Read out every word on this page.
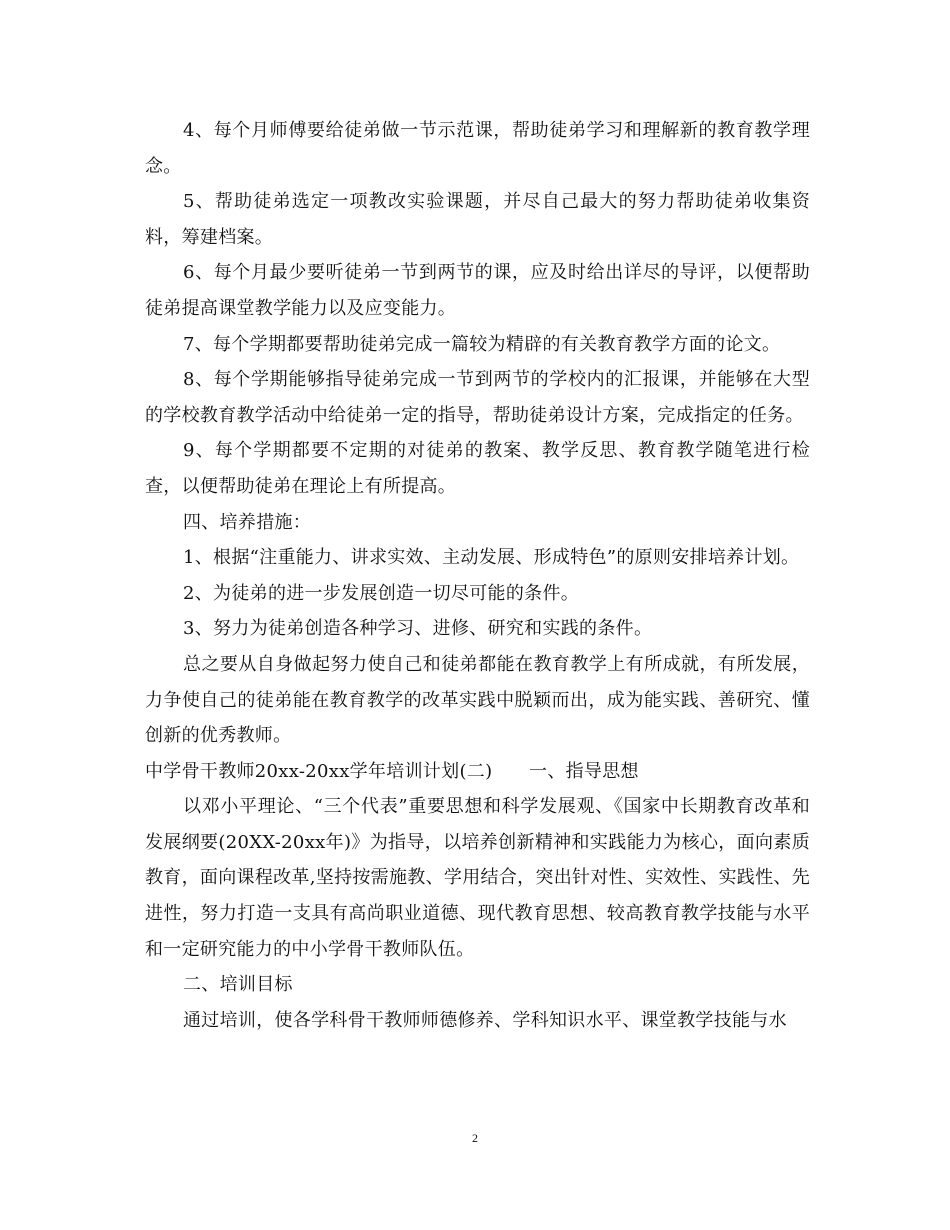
4、每个月师傅要给徒弟做一节示范课，帮助徒弟学习和理解新的教育教学理念。

5、帮助徒弟选定一项教改实验课题，并尽自己最大的努力帮助徒弟收集资料，筹建档案。

6、每个月最少要听徒弟一节到两节的课，应及时给出详尽的导评，以便帮助徒弟提高课堂教学能力以及应变能力。

7、每个学期都要帮助徒弟完成一篇较为精辟的有关教育教学方面的论文。

8、每个学期能够指导徒弟完成一节到两节的学校内的汇报课，并能够在大型的学校教育教学活动中给徒弟一定的指导，帮助徒弟设计方案，完成指定的任务。

9、每个学期都要不定期的对徒弟的教案、教学反思、教育教学随笔进行检查，以便帮助徒弟在理论上有所提高。

四、培养措施：

1、根据“注重能力、讲求实效、主动发展、形成特色”的原则安排培养计划。

2、为徒弟的进一步发展创造一切尽可能的条件。

3、努力为徒弟创造各种学习、进修、研究和实践的条件。

总之要从自身做起努力使自己和徒弟都能在教育教学上有所成就，有所发展，力争使自己的徒弟能在教育教学的改革实践中脱颖而出，成为能实践、善研究、懂创新的优秀教师。

中学骨干教师20xx-20xx学年培训计划(二)　　一、指导思想

以邓小平理论、“三个代表”重要思想和科学发展观、《国家中长期教育改革和发展纲要(20XX-20xx年)》为指导，以培养创新精神和实践能力为核心，面向素质教育，面向课程改革,坚持按需施教、学用结合，突出针对性、实效性、实践性、先进性，努力打造一支具有高尚职业道德、现代教育思想、较高教育教学技能与水平和一定研究能力的中小学骨干教师队伍。

二、培训目标

通过培训，使各学科骨干教师师德修养、学科知识水平、课堂教学技能与水

2
